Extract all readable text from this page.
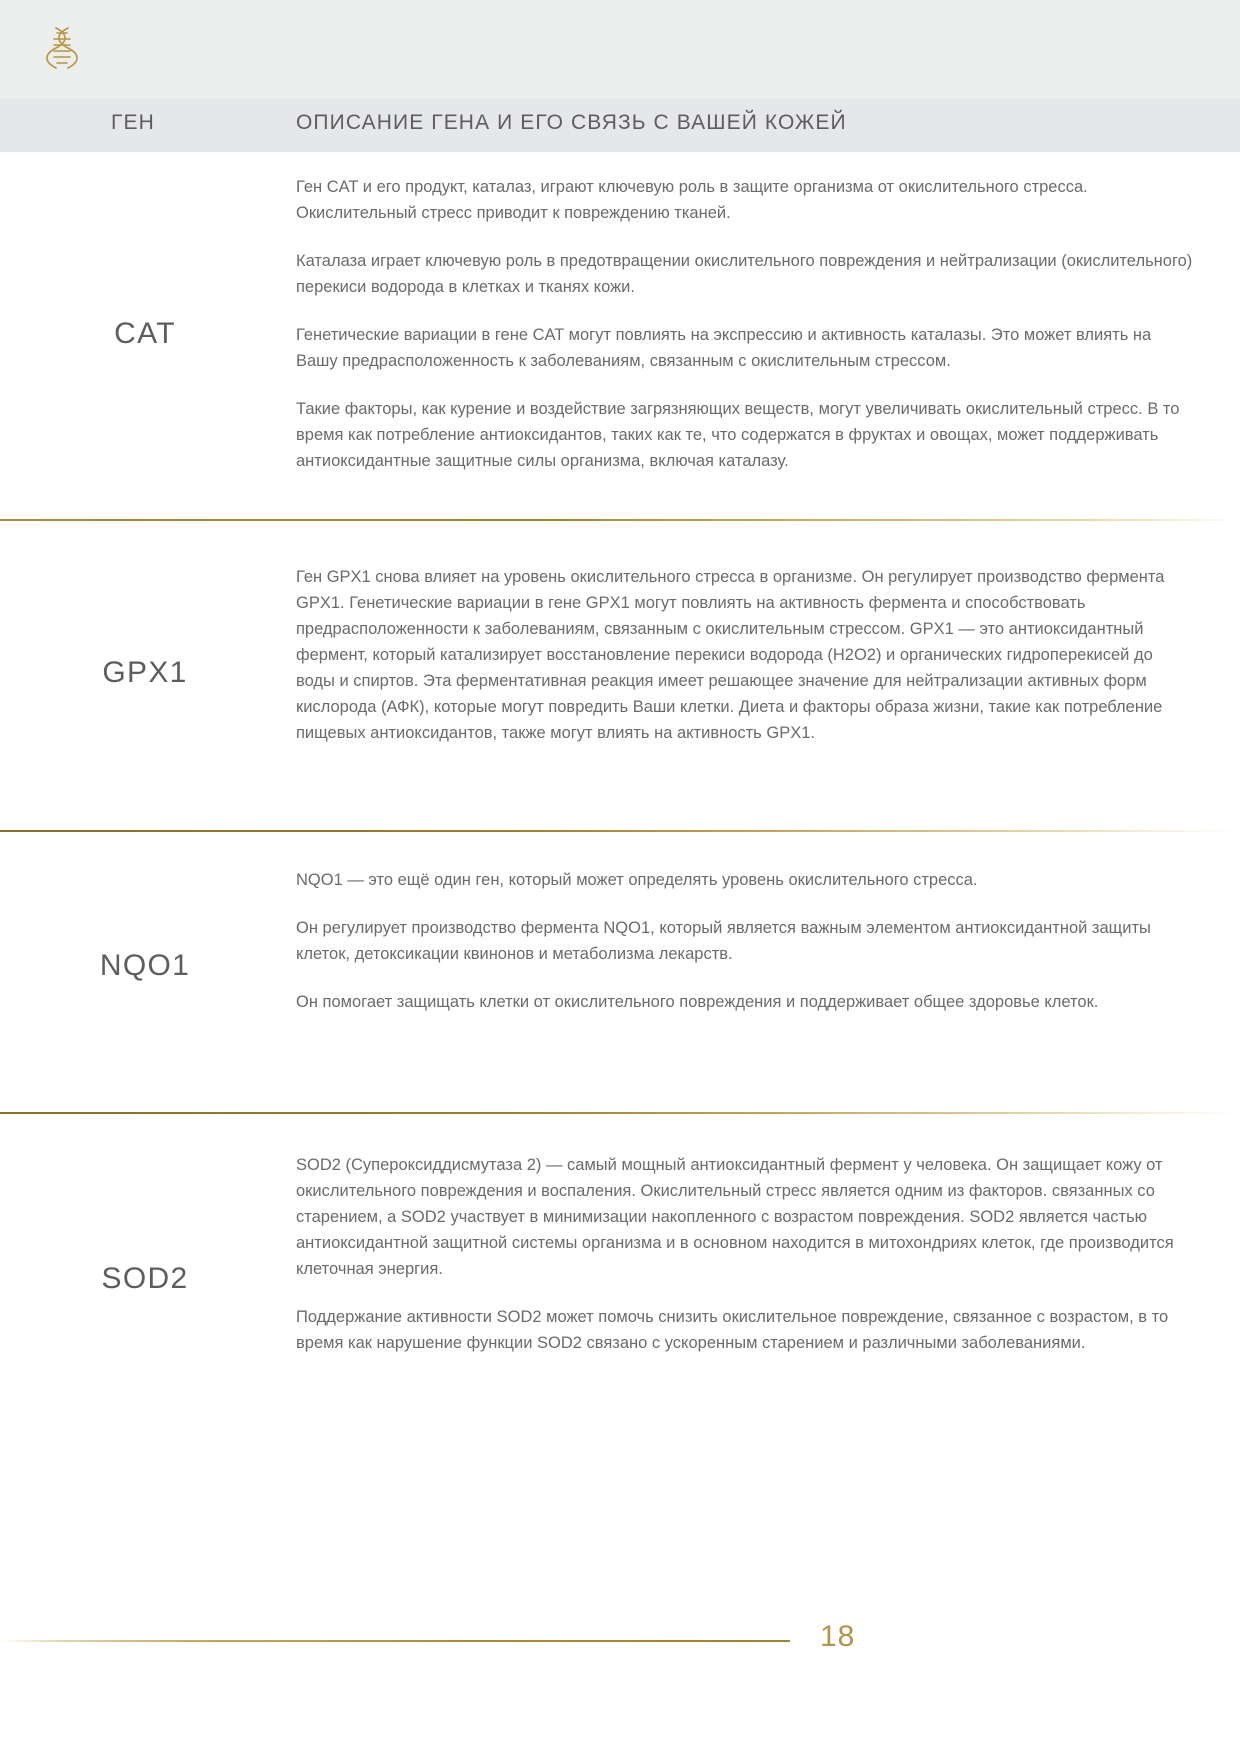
ГЕН	ОПИСАНИЕ ГЕНА И ЕГО СВЯЗЬ С ВАШЕЙ КОЖЕЙ
CAT

Ген CAT и его продукт, каталаз, играют ключевую роль в защите организма от окислительного стресса. Окислительный стресс приводит к повреждению тканей.

Каталаза играет ключевую роль в предотвращении окислительного повреждения и нейтрализации (окислительного) перекиси водорода в клетках и тканях кожи.

Генетические вариации в гене CAT могут повлиять на экспрессию и активность каталазы. Это может влиять на Вашу предрасположенность к заболеваниям, связанным с окислительным стрессом.

Такие факторы, как курение и воздействие загрязняющих веществ, могут увеличивать окислительный стресс. В то время как потребление антиоксидантов, таких как те, что содержатся в фруктах и овощах, может поддерживать антиоксидантные защитные силы организма, включая каталазу.

GPX1

Ген GPX1 снова влияет на уровень окислительного стресса в организме. Он регулирует производство фермента GPX1. Генетические вариации в гене GPX1 могут повлиять на активность фермента и способствовать предрасположенности к заболеваниям, связанным с окислительным стрессом. GPX1 — это антиоксидантный фермент, который катализирует восстановление перекиси водорода (H2O2) и органических гидроперекисей до воды и спиртов. Эта ферментативная реакция имеет решающее значение для нейтрализации активных форм кислорода (АФК), которые могут повредить Ваши клетки. Диета и факторы образа жизни, такие как потребление пищевых антиоксидантов, также могут влиять на активность GPX1.

NQO1

NQO1 — это ещё один ген, который может определять уровень окислительного стресса.

Он регулирует производство фермента NQO1, который является важным элементом антиоксидантной защиты клеток, детоксикации квинонов и метаболизма лекарств.

Он помогает защищать клетки от окислительного повреждения и поддерживает общее здоровье клеток.

SOD2

SOD2 (Супероксиддисмутаза 2) — самый мощный антиоксидантный фермент у человека. Он защищает кожу от окислительного повреждения и воспаления. Окислительный стресс является одним из факторов. связанных со старением, а SOD2 участвует в минимизации накопленного с возрастом повреждения. SOD2 является частью антиоксидантной защитной системы организма и в основном находится в митохондриях клеток, где производится клеточная энергия.

Поддержание активности SOD2 может помочь снизить окислительное повреждение, связанное с возрастом, в то время как нарушение функции SOD2 связано с ускоренным старением и различными заболеваниями.

18
